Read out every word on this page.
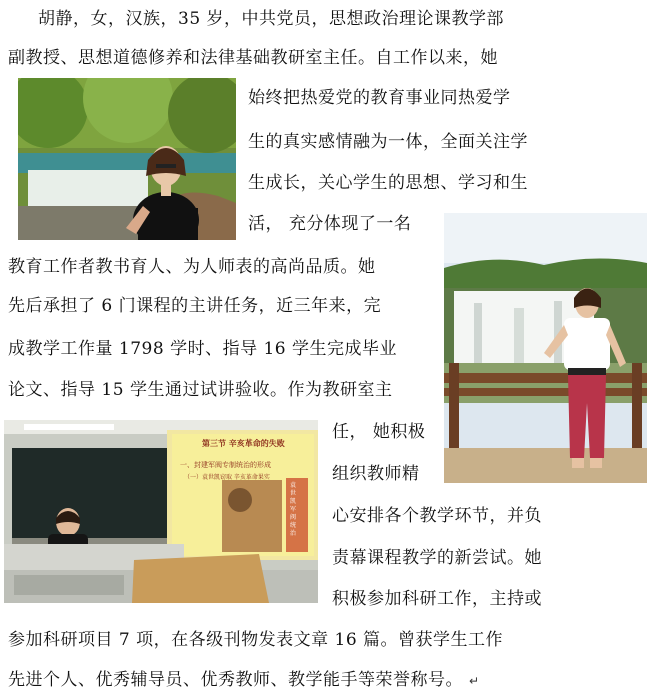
胡静，女，汉族，35 岁，中共党员，思想政治理论课教学部
副教授、思想道德修养和法律基础教研室主任。自工作以来，她
始终把热爱党的教育事业同热爱学
生的真实感情融为一体，全面关注学
生成长，关心学生的思想、学习和生
活， 充分体现了一名
教育工作者教书育人、为人师表的高尚品质。她
先后承担了 6 门课程的主讲任务，近三年来，完
成教学工作量 1798 学时、指导 16 学生完成毕业
论文、指导 15 学生通过试讲验收。作为教研室主
任， 她积极
组织教师精
心安排各个教学环节，并负
责幕课程教学的新尝试。她
积极参加科研工作，主持或
参加科研项目 7 项，在各级刊物发表文章 16 篇。曾获学生工作
先进个人、优秀辅导员、优秀教师、教学能手等荣誉称号。 ↵
第三节 辛亥革命的失败
一、封建军阀专制统治的形成
（一）袁世凯窃取 辛亥革命果实
袁世凯 军阀统治
